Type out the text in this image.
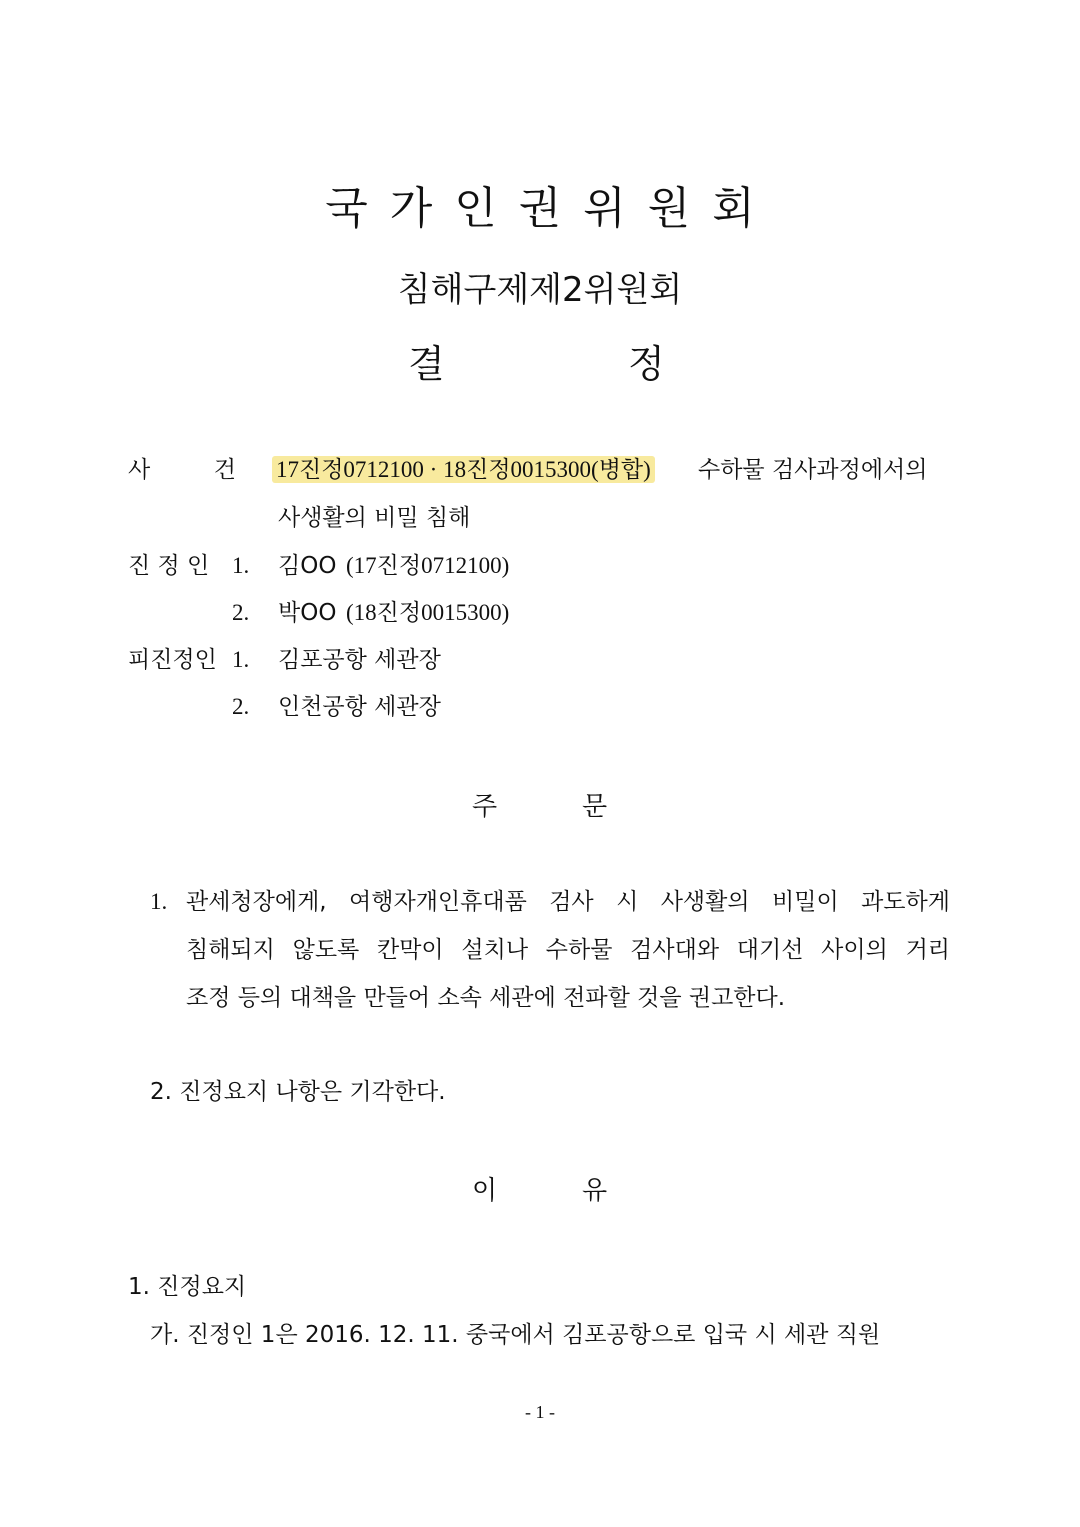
국가인권위원회
침해구제제2위원회
결	정
사	건 17진정0712100 · 18진정0015300(병합) 수하물 검사과정에서의
사생활의 비밀 침해
진 정 인 1. 김OO (17진정0712100)
2. 박OO (18진정0015300)
피진정인 1. 김포공항 세관장
2. 인천공항 세관장
주	문
1. 관세청장에게, 여행자개인휴대품 검사 시 사생활의 비밀이 과도하게
침해되지 않도록 칸막이 설치나 수하물 검사대와 대기선 사이의 거리
조정 등의 대책을 만들어 소속 세관에 전파할 것을 권고한다.
2. 진정요지 나항은 기각한다.
이	유
1. 진정요지
가. 진정인 1은 2016. 12. 11. 중국에서 김포공항으로 입국 시 세관 직원
- 1 -
